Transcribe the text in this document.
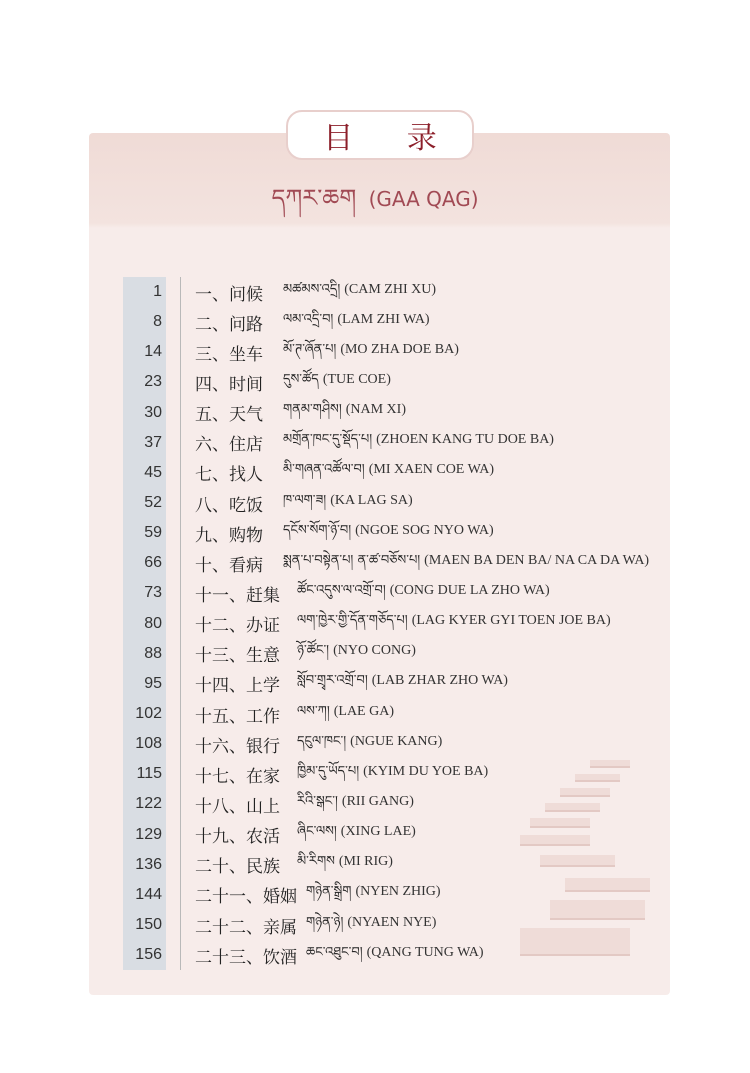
目 录
དཀར་ཆག (GAA QAG)
1 一、问候 མཚམས་འདྲི། (CAM ZHI XU)
8 二、问路 ལམ་འདྲི་བ། (LAM ZHI WA)
14 三、坐车 མོ་ཊ་ཞོན་པ། (MO ZHA DOE BA)
23 四、时间 དུས་ཚོད (TUE COE)
30 五、天气 གནམ་གཤིས། (NAM XI)
37 六、住店 མགྲོན་ཁང་དུ་སྡོད་པ། (ZHOEN KANG TU DOE BA)
45 七、找人 མི་གཞན་འཚོལ་བ། (MI XAEN COE WA)
52 八、吃饭 ཁ་ལག་ཟ། (KA LAG SA)
59 九、购物 དངོས་སོག་ཉོ་བ། (NGOE SOG NYO WA)
66 十、看病 སྨན་པ་བསྟེན་པ། ན་ཚ་བཅོས་པ། (MAEN BA DEN BA/ NA CA DA WA)
73 十一、赶集 ཚོང་འདུས་ལ་འགྲོ་བ། (CONG DUE LA ZHO WA)
80 十二、办证 ལག་ཁྱེར་གྱི་དོན་གཅོད་པ། (LAG KYER GYI TOEN JOE BA)
88 十三、生意 ཉོ་ཚོང་། (NYO CONG)
95 十四、上学 སློབ་གྲྭར་འགྲོ་བ། (LAB ZHAR ZHO WA)
102 十五、工作 ལས་ཀ། (LAE GA)
108 十六、银行 དངུལ་ཁང་། (NGUE KANG)
115 十七、在家 ཁྱིམ་དུ་ཡོད་པ། (KYIM DU YOE BA)
122 十八、山上 རིའི་སྒང་། (RII GANG)
129 十九、农活 ཞིང་ལས། (XING LAE)
136 二十、民族 མི་རིགས (MI RIG)
144 二十一、婚姻 གཉེན་སྒྲིག (NYEN ZHIG)
150 二十二、亲属 གཉེན་ཉེ། (NYAEN NYE)
156 二十三、饮酒 ཆང་འཐུང་བ། (QANG TUNG WA)
